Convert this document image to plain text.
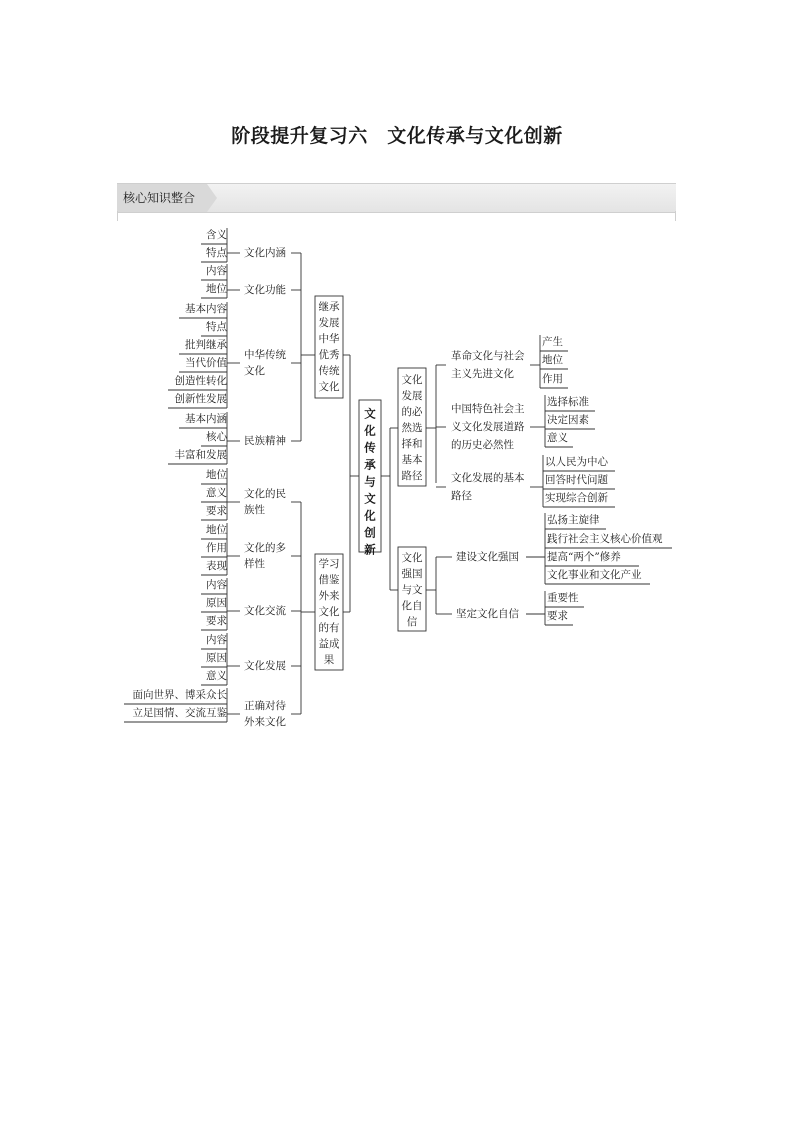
阶段提升复习六　文化传承与文化创新
核心知识整合
文
化
传
承
与
文
化
创
新
继承
发展
中华
优秀
传统
文化
文化内涵
含义
特点
文化功能
内容
地位
中华传统
文化
基本内容
特点
批判继承
当代价值
创造性转化
创新性发展
民族精神
基本内涵
核心
丰富和发展
学习
借鉴
外来
文化
的有
益成
果
文化的民
族性
地位
意义
要求
文化的多
样性
地位
作用
表现
文化交流
内容
原因
要求
文化发展
内容
原因
意义
正确对待
外来文化
面向世界、博采众长
立足国情、交流互鉴
文化
发展
的必
然选
择和
基本
路径
革命文化与社会
主义先进文化
产生
地位
作用
中国特色社会主
义文化发展道路
的历史必然性
选择标准
决定因素
意义
文化发展的基本
路径
以人民为中心
回答时代问题
实现综合创新
文化
强国
与文
化自
信
建设文化强国
弘扬主旋律
践行社会主义核心价值观
提高“两个”修养
文化事业和文化产业
坚定文化自信
重要性
要求
